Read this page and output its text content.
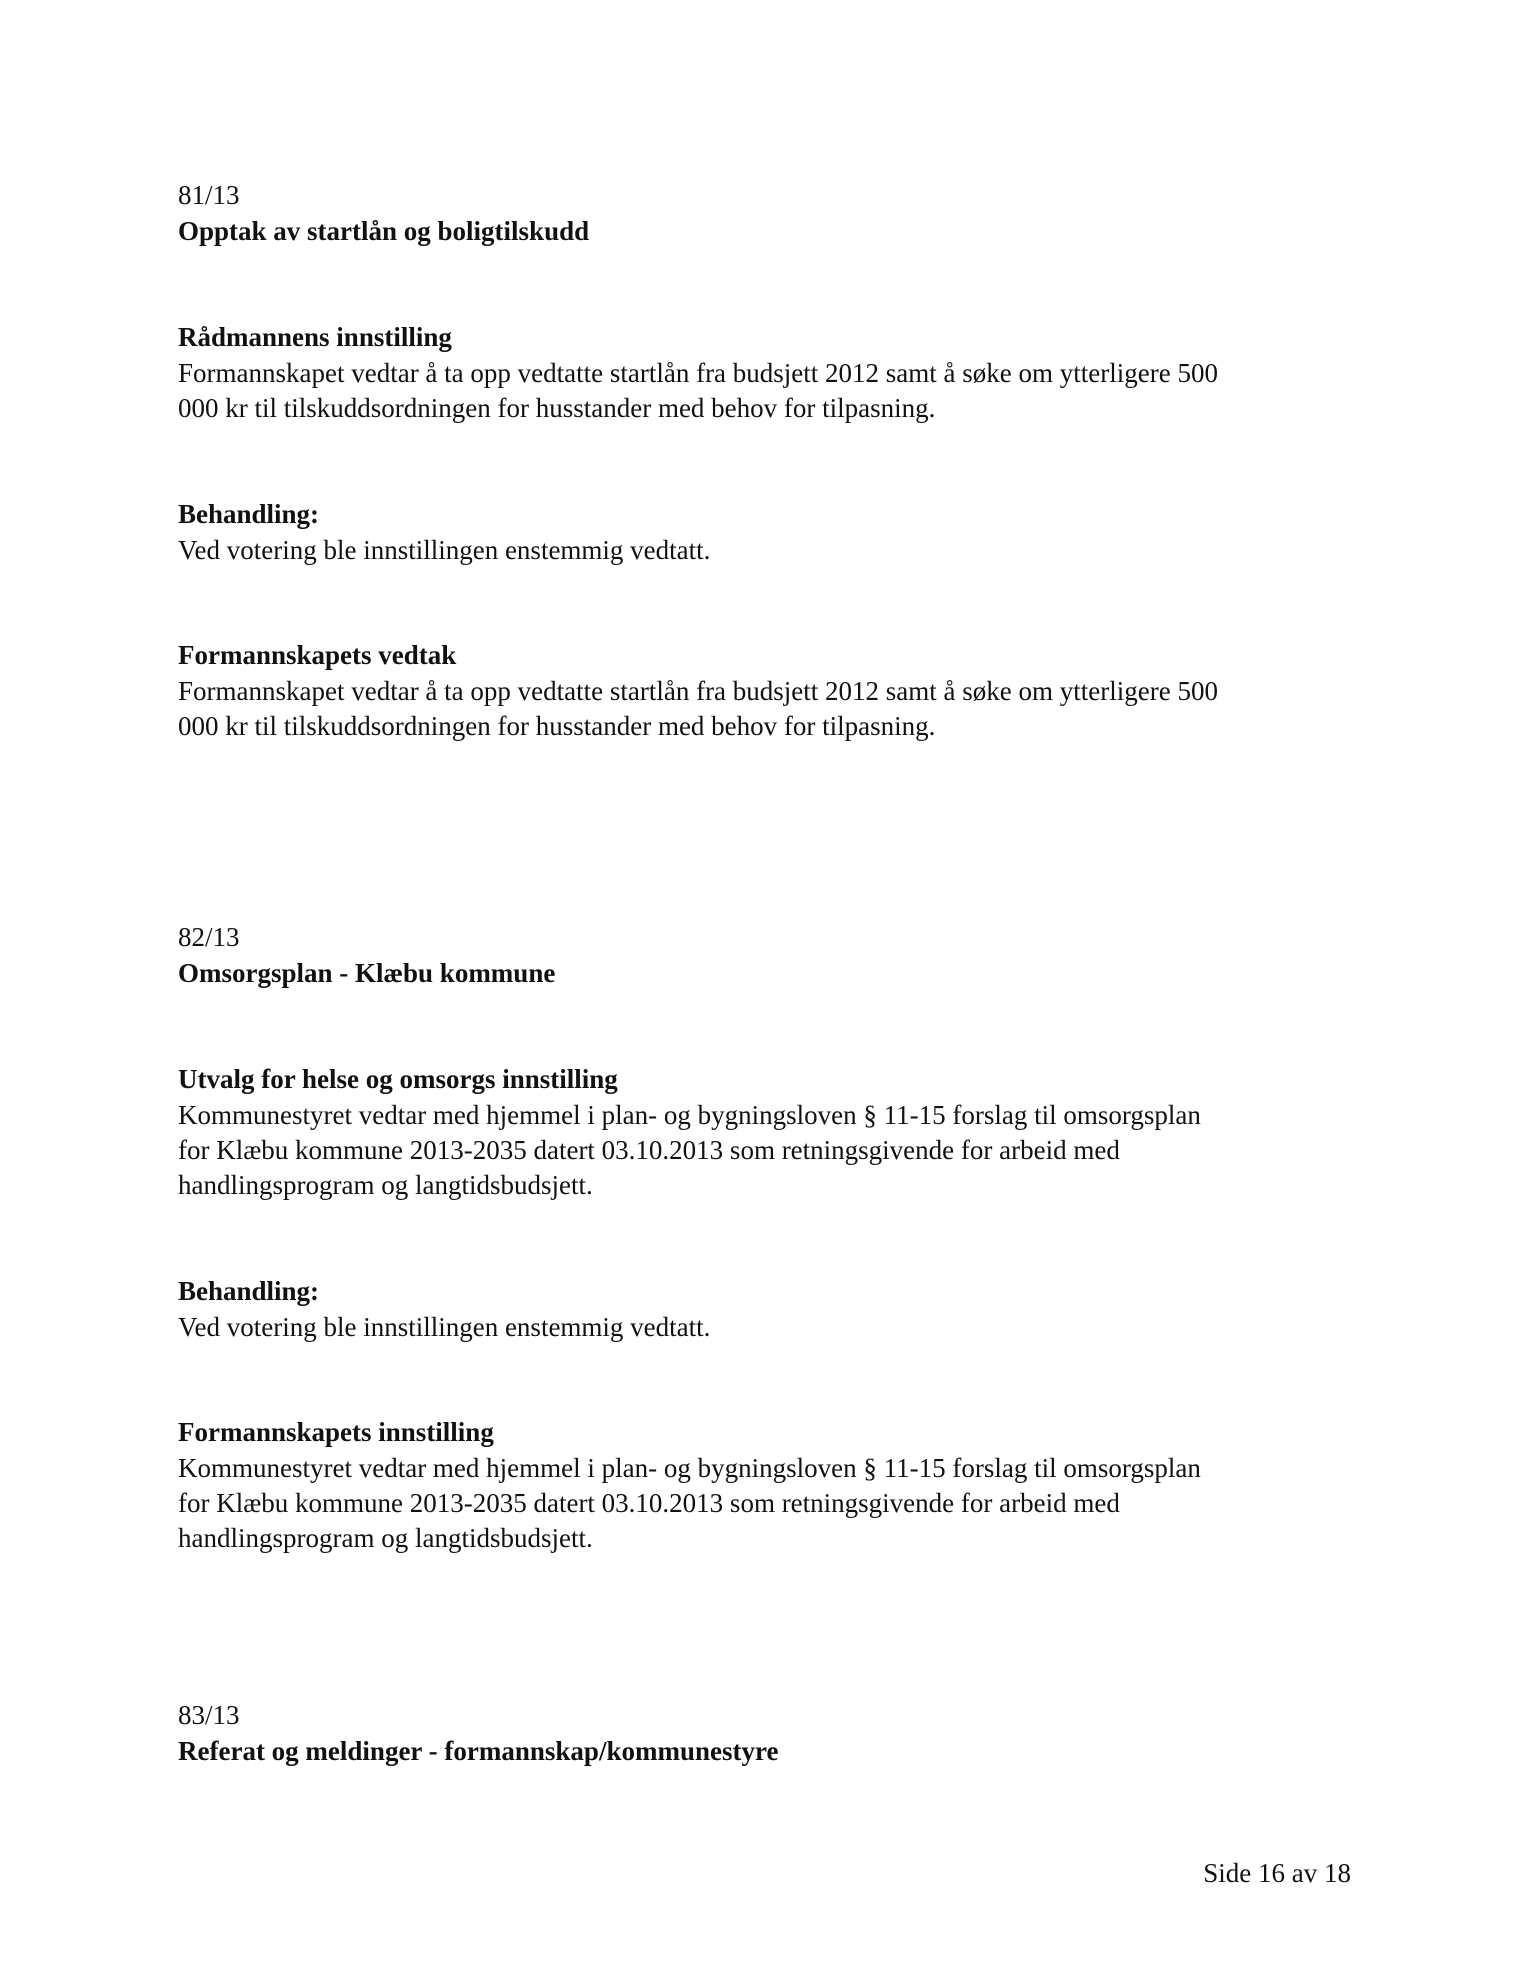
81/13

Opptak av startlån og boligtilskudd

Rådmannens innstilling

Formannskapet vedtar å ta opp vedtatte startlån fra budsjett 2012 samt å søke om ytterligere 500
000 kr til tilskuddsordningen for husstander med behov for tilpasning.

Behandling:

Ved votering ble innstillingen enstemmig vedtatt.

Formannskapets vedtak

Formannskapet vedtar å ta opp vedtatte startlån fra budsjett 2012 samt å søke om ytterligere 500
000 kr til tilskuddsordningen for husstander med behov for tilpasning.

82/13

Omsorgsplan - Klæbu kommune

Utvalg for helse og omsorgs innstilling

Kommunestyret vedtar med hjemmel i plan- og bygningsloven § 11-15 forslag til omsorgsplan
for Klæbu kommune 2013-2035 datert 03.10.2013 som retningsgivende for arbeid med
handlingsprogram og langtidsbudsjett.

Behandling:

Ved votering ble innstillingen enstemmig vedtatt.

Formannskapets innstilling

Kommunestyret vedtar med hjemmel i plan- og bygningsloven § 11-15 forslag til omsorgsplan
for Klæbu kommune 2013-2035 datert 03.10.2013 som retningsgivende for arbeid med
handlingsprogram og langtidsbudsjett.

83/13

Referat og meldinger - formannskap/kommunestyre

Side 16 av 18
